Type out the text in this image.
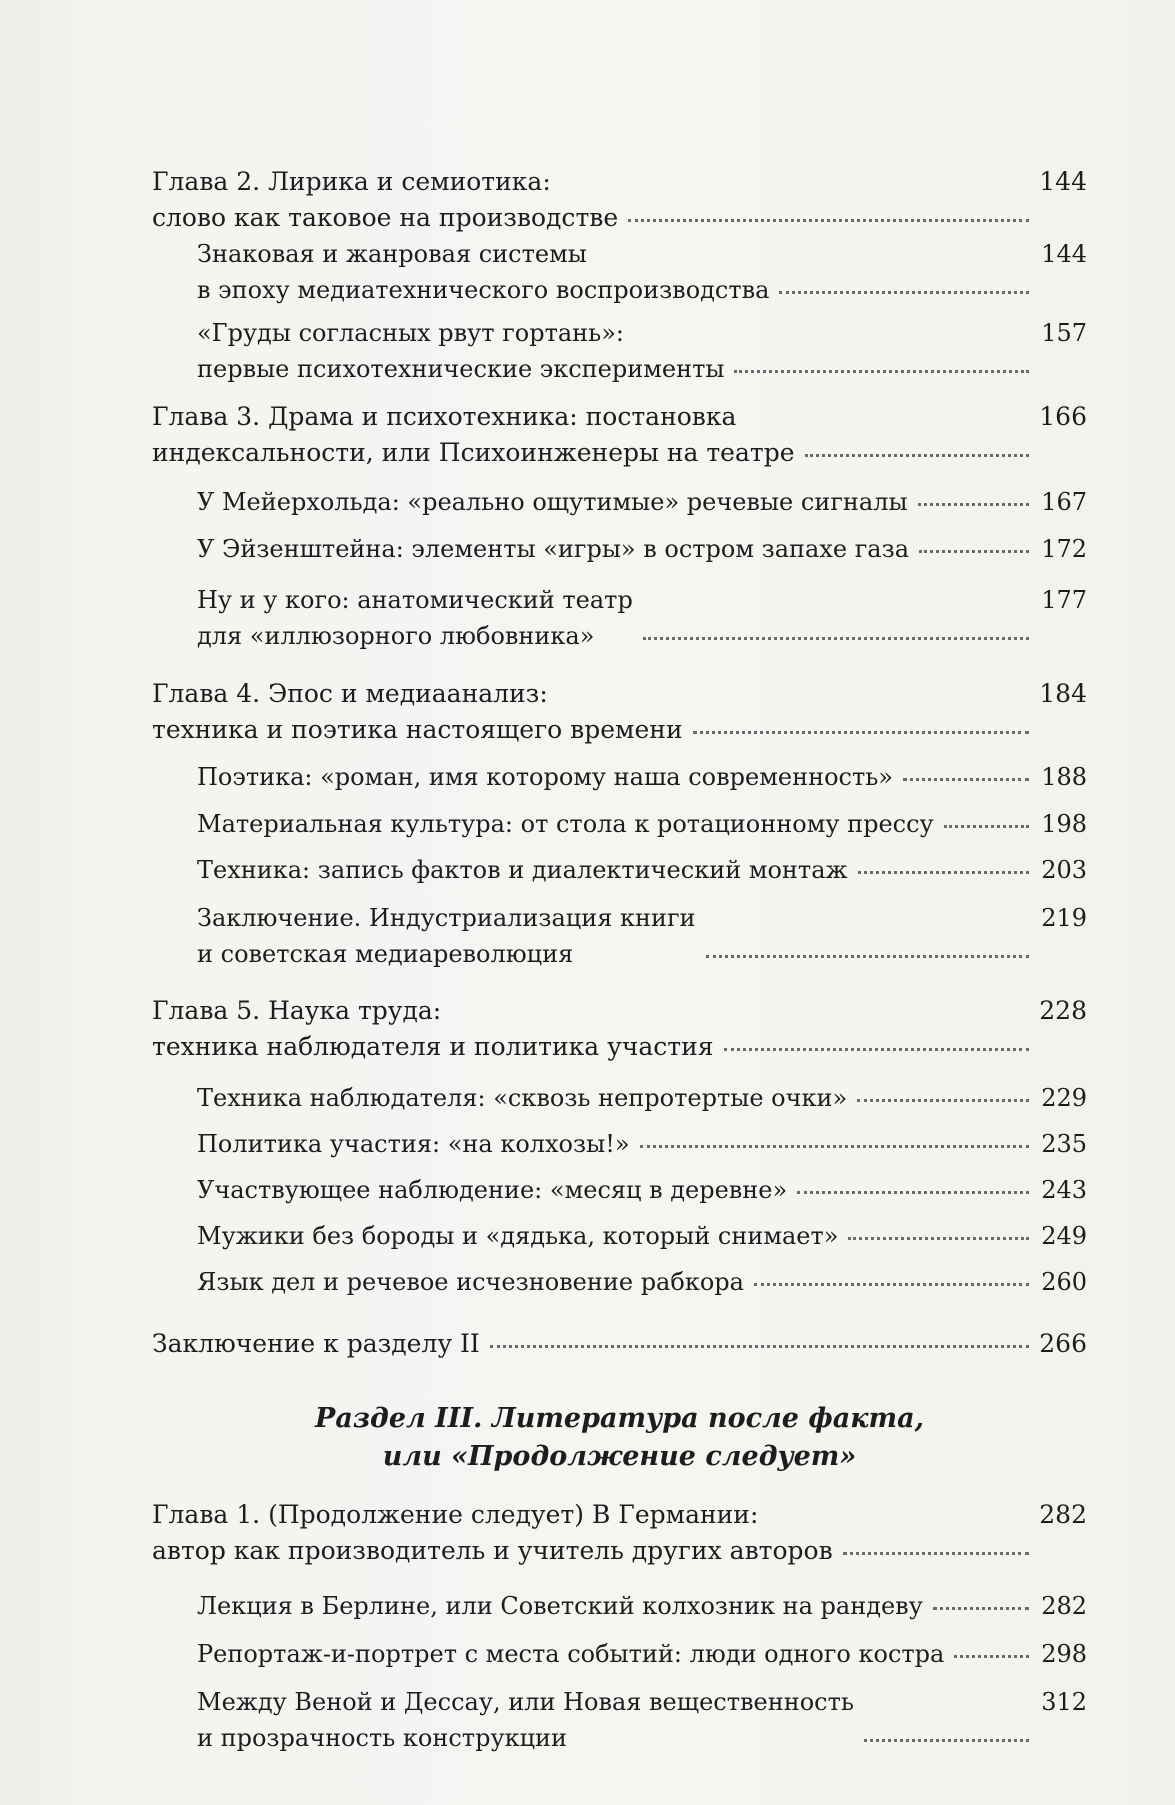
Глава 2. Лирика и семиотика:
слово как таковое на производстве
144
Знаковая и жанровая системы
в эпоху медиатехнического воспроизводства
144
«Груды согласных рвут гортань»:
первые психотехнические эксперименты
157
Глава 3. Драма и психотехника: постановка
индексальности, или Психоинженеры на театре
166
У Мейерхольда: «реально ощутимые» речевые сигналы	167
У Эйзенштейна: элементы «игры» в остром запахе газа	172
Ну и у кого: анатомический театр
для «иллюзорного любовника»
177
Глава 4. Эпос и медиаанализ:
техника и поэтика настоящего времени
184
Поэтика: «роман, имя которому наша современность»	188
Материальная культура: от стола к ротационному прессу	198
Техника: запись фактов и диалектический монтаж	203
Заключение. Индустриализация книги
и советская медиареволюция
219
Глава 5. Наука труда:
техника наблюдателя и политика участия
228
Техника наблюдателя: «сквозь непротертые очки»	229
Политика участия: «на колхозы!»	235
Участвующее наблюдение: «месяц в деревне»	243
Мужики без бороды и «дядька, который снимает»	249
Язык дел и речевое исчезновение рабкора	260
Заключение к разделу II	266
Раздел III. Литература после факта,
или «Продолжение следует»
Глава 1. (Продолжение следует) В Германии:
автор как производитель и учитель других авторов
282
Лекция в Берлине, или Советский колхозник на рандеву	282
Репортаж-и-портрет с места событий: люди одного костра	298
Между Веной и Дессау, или Новая вещественность
и прозрачность конструкции
312
